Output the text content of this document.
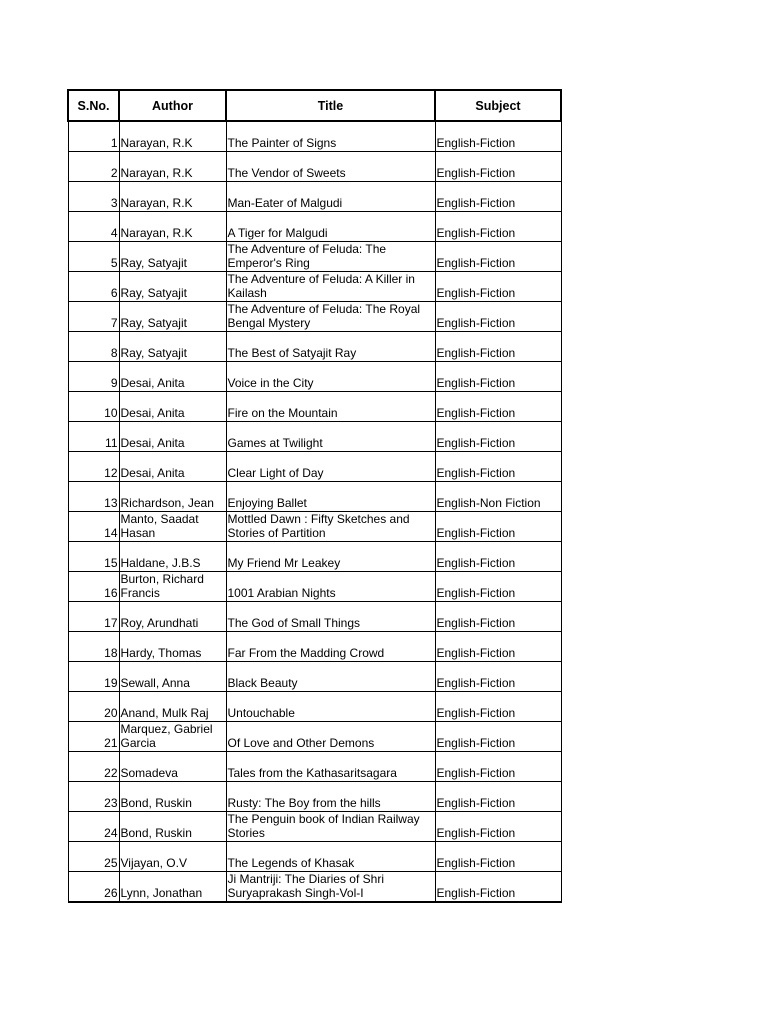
S.No.	Author	Title	Subject
1	Narayan, R.K	The Painter of Signs	English-Fiction
2	Narayan, R.K	The Vendor of Sweets	English-Fiction
3	Narayan, R.K	Man-Eater of Malgudi	English-Fiction
4	Narayan, R.K	A Tiger for Malgudi	English-Fiction
5	Ray, Satyajit	The Adventure of Feluda: The Emperor's Ring	English-Fiction
6	Ray, Satyajit	The Adventure of Feluda: A Killer in Kailash	English-Fiction
7	Ray, Satyajit	The Adventure of Feluda: The Royal Bengal Mystery	English-Fiction
8	Ray, Satyajit	The Best of Satyajit Ray	English-Fiction
9	Desai, Anita	Voice in the City	English-Fiction
10	Desai, Anita	Fire on the Mountain	English-Fiction
11	Desai, Anita	Games at Twilight	English-Fiction
12	Desai, Anita	Clear Light of Day	English-Fiction
13	Richardson, Jean	Enjoying Ballet	English-Non Fiction
14	Manto, Saadat Hasan	Mottled Dawn : Fifty Sketches and Stories of Partition	English-Fiction
15	Haldane, J.B.S	My Friend Mr Leakey	English-Fiction
16	Burton, Richard Francis	1001 Arabian Nights	English-Fiction
17	Roy, Arundhati	The God of Small Things	English-Fiction
18	Hardy, Thomas	Far From the Madding Crowd	English-Fiction
19	Sewall, Anna	Black Beauty	English-Fiction
20	Anand, Mulk Raj	Untouchable	English-Fiction
21	Marquez, Gabriel Garcia	Of Love and Other Demons	English-Fiction
22	Somadeva	Tales from the Kathasaritsagara	English-Fiction
23	Bond, Ruskin	Rusty: The Boy from the hills	English-Fiction
24	Bond, Ruskin	The Penguin book of Indian Railway Stories	English-Fiction
25	Vijayan, O.V	The Legends of Khasak	English-Fiction
26	Lynn, Jonathan	Ji Mantriji: The Diaries of Shri Suryaprakash Singh-Vol-I	English-Fiction
